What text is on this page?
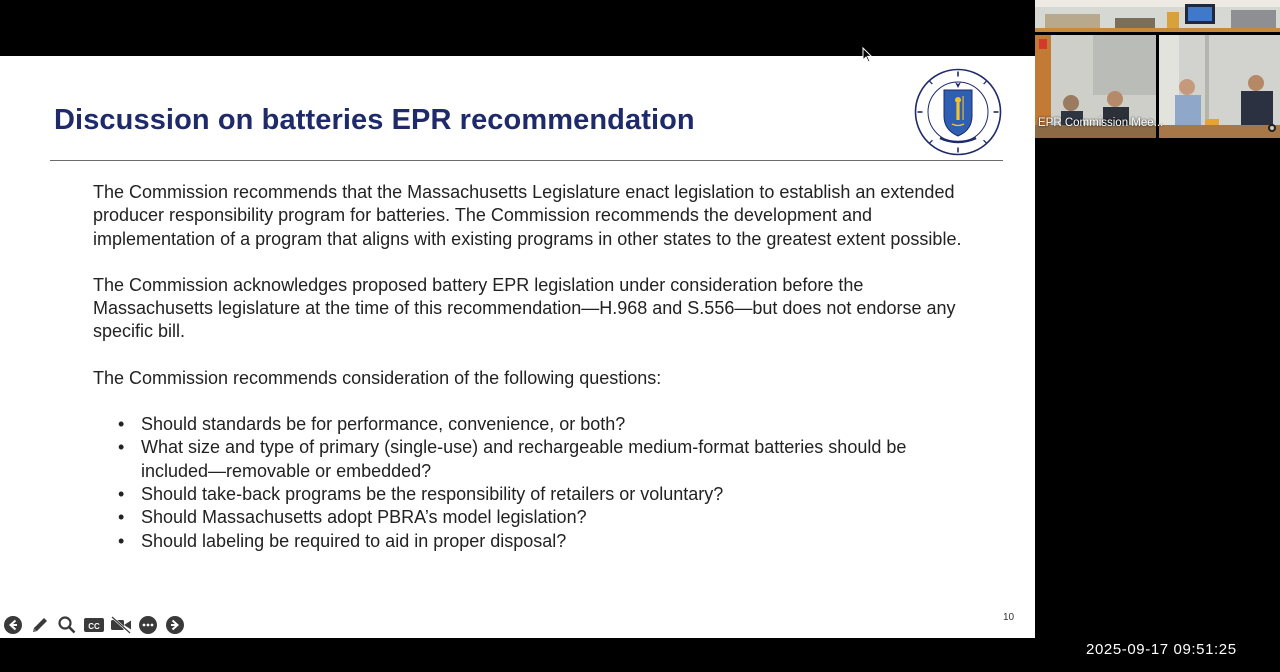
Discussion on batteries EPR recommendation

The Commission recommends that the Massachusetts Legislature enact legislation to establish an extended producer responsibility program for batteries. The Commission recommends the development and implementation of a program that aligns with existing programs in other states to the greatest extent possible.

The Commission acknowledges proposed battery EPR legislation under consideration before the Massachusetts legislature at the time of this recommendation—H.968 and S.556—but does not endorse any specific bill.

The Commission recommends consideration of the following questions:

• Should standards be for performance, convenience, or both?
• What size and type of primary (single-use) and rechargeable medium-format batteries should be included—removable or embedded?
• Should take-back programs be the responsibility of retailers or voluntary?
• Should Massachusetts adopt PBRA’s model legislation?
• Should labeling be required to aid in proper disposal?
10
CC
EPR Commission Mee...
2025-09-17 09:51:25
